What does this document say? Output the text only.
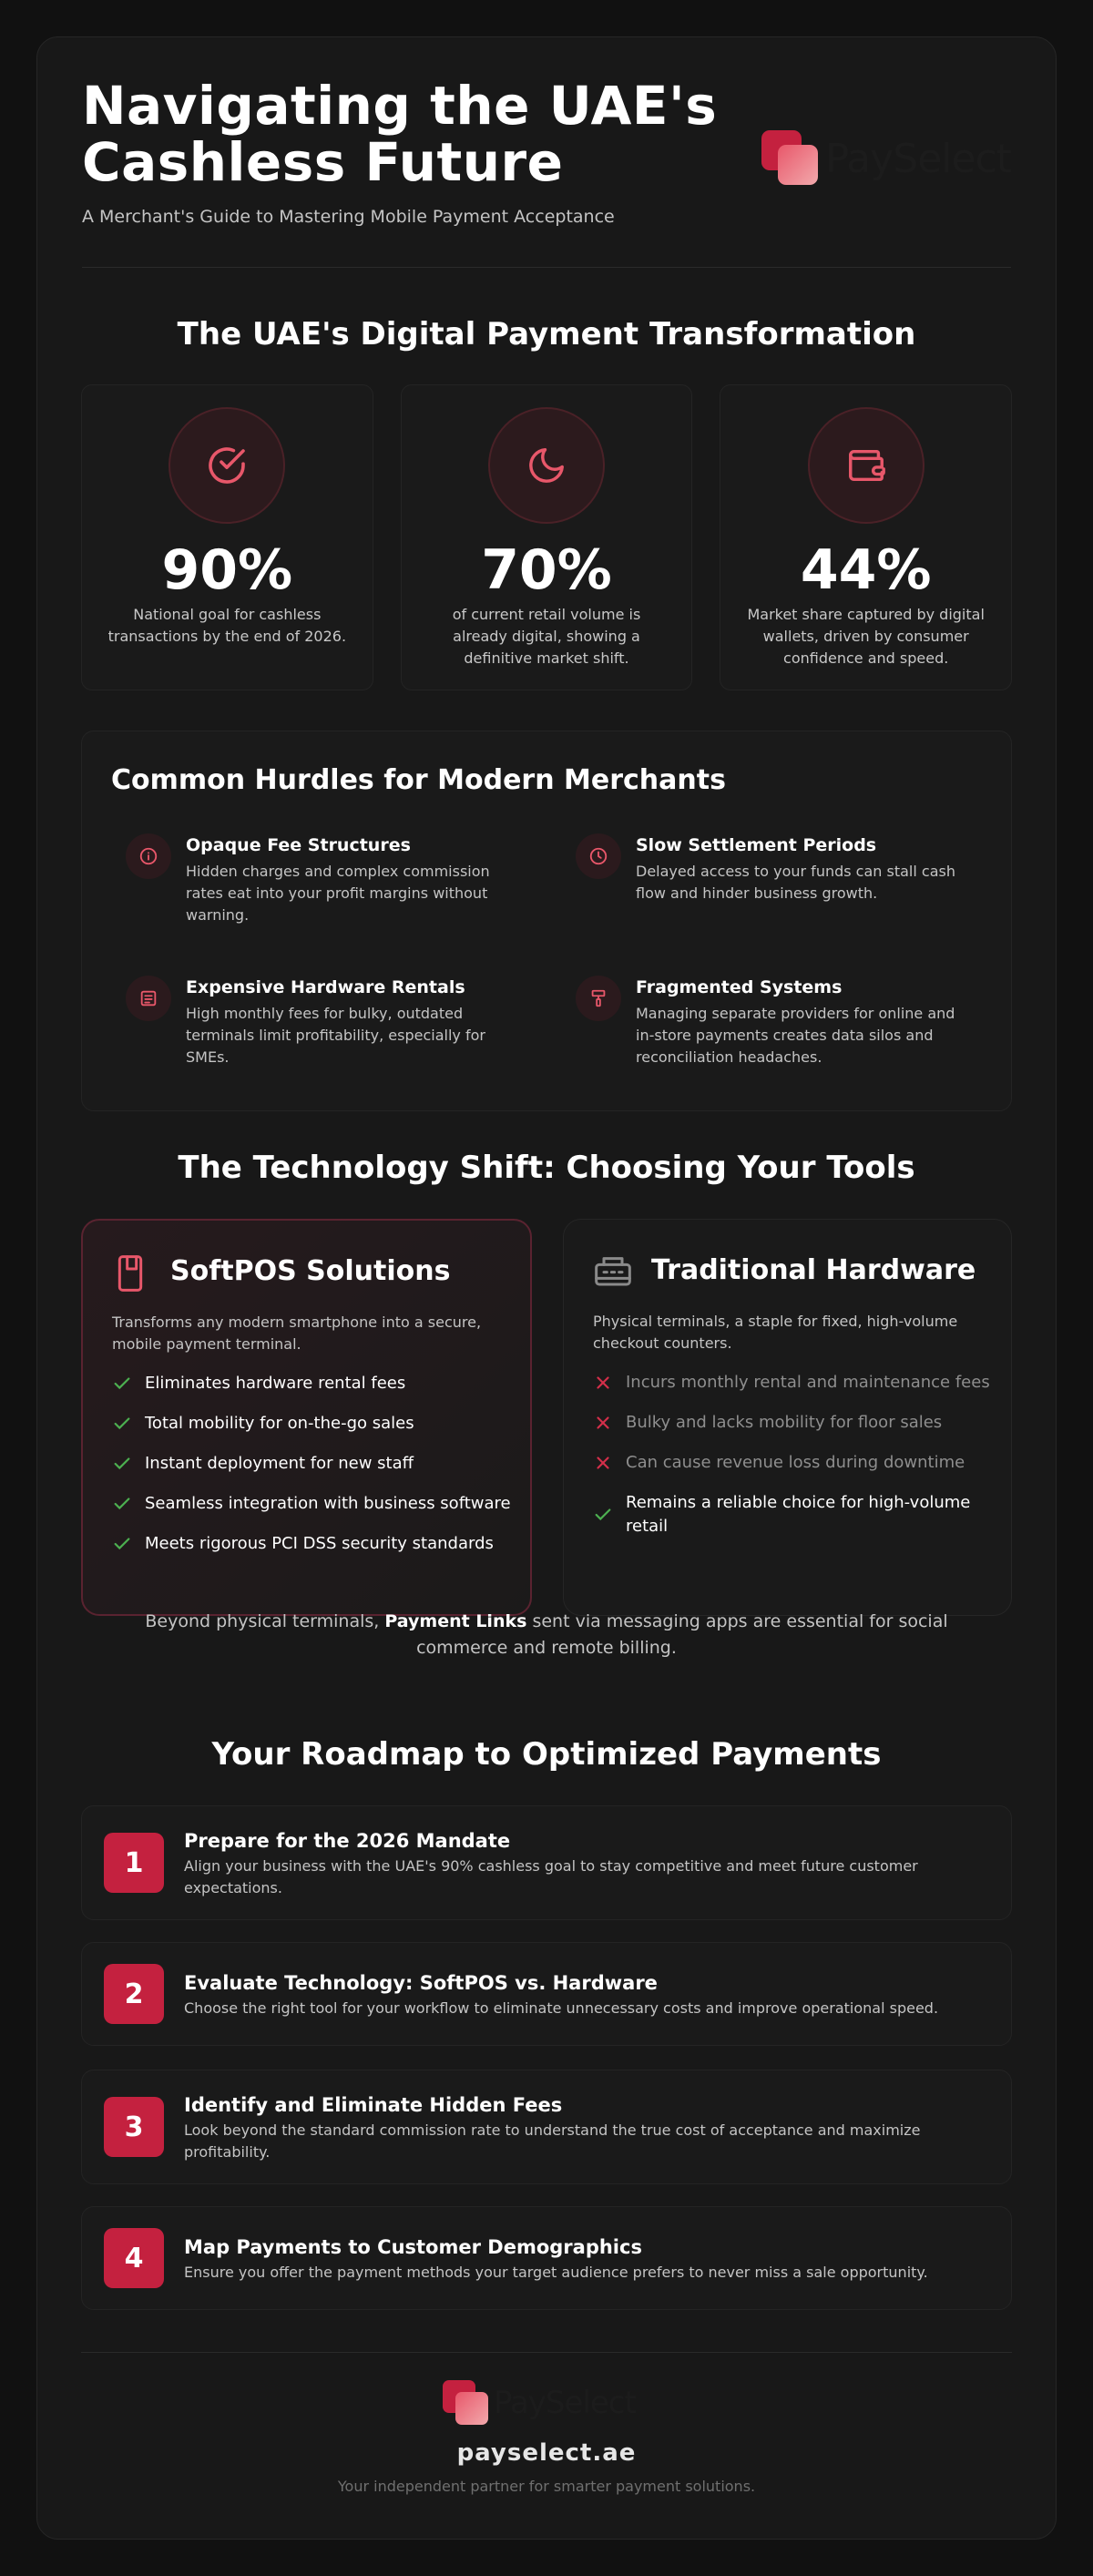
Navigating the UAE's Cashless Future
A Merchant's Guide to Mastering Mobile Payment Acceptance
PaySelect
The UAE's Digital Payment Transformation
90%
National goal for cashless transactions by the end of 2026.
70%
of current retail volume is already digital, showing a definitive market shift.
44%
Market share captured by digital wallets, driven by consumer confidence and speed.
Common Hurdles for Modern Merchants
Opaque Fee Structures
Hidden charges and complex commission rates eat into your profit margins without warning.
Slow Settlement Periods
Delayed access to your funds can stall cash flow and hinder business growth.
Expensive Hardware Rentals
High monthly fees for bulky, outdated terminals limit profitability, especially for SMEs.
Fragmented Systems
Managing separate providers for online and in-store payments creates data silos and reconciliation headaches.
The Technology Shift: Choosing Your Tools
SoftPOS Solutions
Transforms any modern smartphone into a secure, mobile payment terminal.
Eliminates hardware rental fees
Total mobility for on-the-go sales
Instant deployment for new staff
Seamless integration with business software
Meets rigorous PCI DSS security standards
Traditional Hardware
Physical terminals, a staple for fixed, high-volume checkout counters.
Incurs monthly rental and maintenance fees
Bulky and lacks mobility for floor sales
Can cause revenue loss during downtime
Remains a reliable choice for high-volume retail
Beyond physical terminals, Payment Links sent via messaging apps are essential for social commerce and remote billing.
Your Roadmap to Optimized Payments
1
Prepare for the 2026 Mandate
Align your business with the UAE's 90% cashless goal to stay competitive and meet future customer expectations.
2	Evaluate Technology: SoftPOS vs. Hardware
Choose the right tool for your workflow to eliminate unnecessary costs and improve operational speed.
3
Identify and Eliminate Hidden Fees
Look beyond the standard commission rate to understand the true cost of acceptance and maximize profitability.
4	Map Payments to Customer Demographics
Ensure you offer the payment methods your target audience prefers to never miss a sale opportunity.
PaySelect
payselect.ae
Your independent partner for smarter payment solutions.
